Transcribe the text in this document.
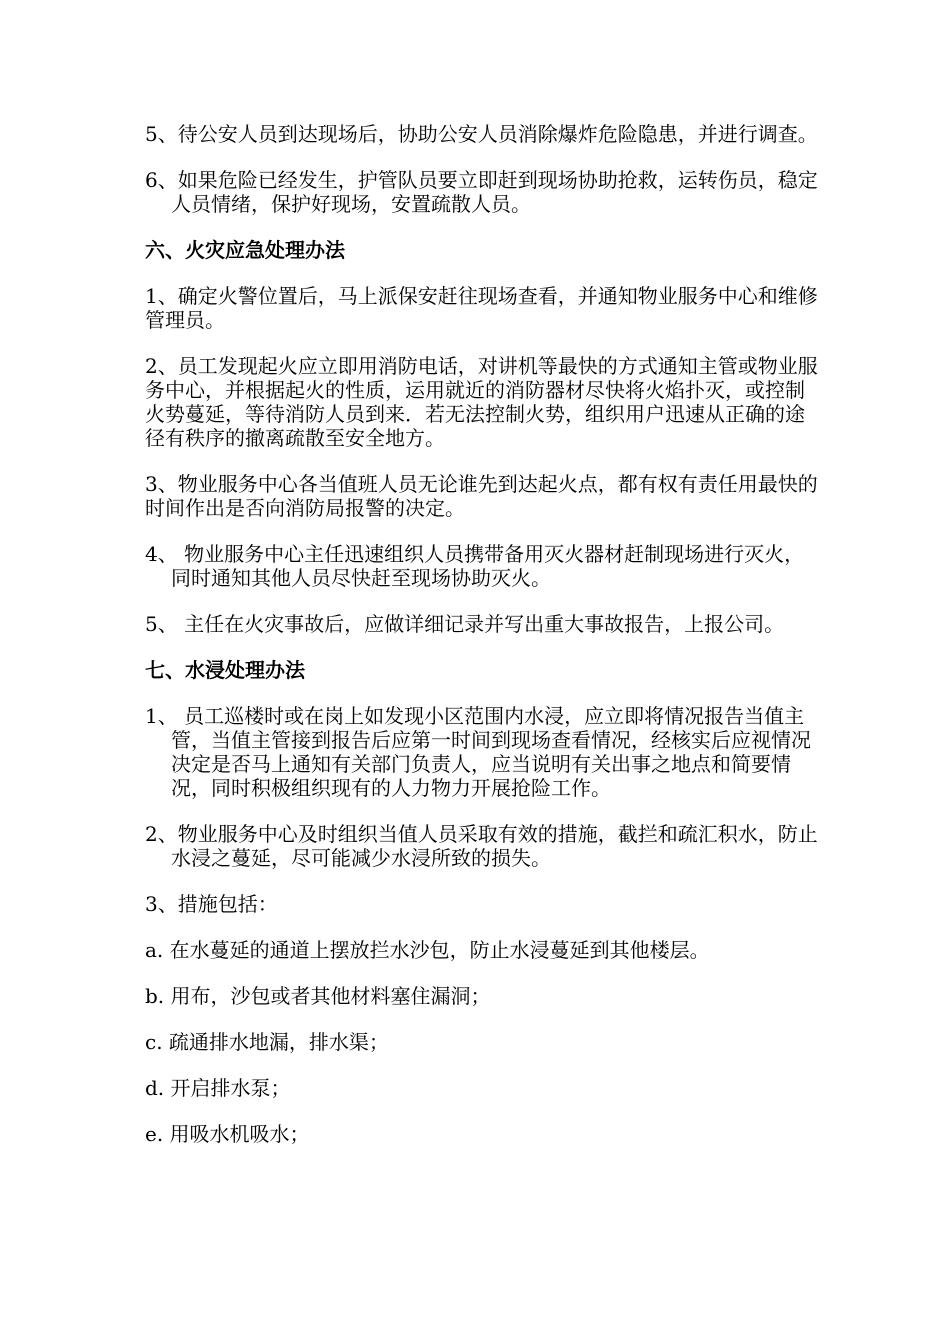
5、待公安人员到达现场后，协助公安人员消除爆炸危险隐患，并进行调查。

6、如果危险已经发生，护管队员要立即赶到现场协助抢救，运转伤员，稳定人员情绪，保护好现场，安置疏散人员。

六、火灾应急处理办法

1、确定火警位置后，马上派保安赶往现场查看，并通知物业服务中心和维修管理员。

2、员工发现起火应立即用消防电话，对讲机等最快的方式通知主管或物业服务中心，并根据起火的性质，运用就近的消防器材尽快将火焰扑灭，或控制火势蔓延，等待消防人员到来．若无法控制火势，组织用户迅速从正确的途径有秩序的撤离疏散至安全地方。

3、物业服务中心各当值班人员无论谁先到达起火点，都有权有责任用最快的时间作出是否向消防局报警的决定。

4、 物业服务中心主任迅速组织人员携带备用灭火器材赶制现场进行灭火，同时通知其他人员尽快赶至现场协助灭火。

5、 主任在火灾事故后，应做详细记录并写出重大事故报告，上报公司。

七、水浸处理办法

1、 员工巡楼时或在岗上如发现小区范围内水浸，应立即将情况报告当值主管，当值主管接到报告后应第一时间到现场查看情况，经核实后应视情况决定是否马上通知有关部门负责人，应当说明有关出事之地点和简要情况，同时积极组织现有的人力物力开展抢险工作。

2、物业服务中心及时组织当值人员采取有效的措施，截拦和疏汇积水，防止水浸之蔓延，尽可能减少水浸所致的损失。

3、措施包括：

a. 在水蔓延的通道上摆放拦水沙包，防止水浸蔓延到其他楼层。

b. 用布，沙包或者其他材料塞住漏洞；

c. 疏通排水地漏，排水渠；

d. 开启排水泵；

e. 用吸水机吸水；
